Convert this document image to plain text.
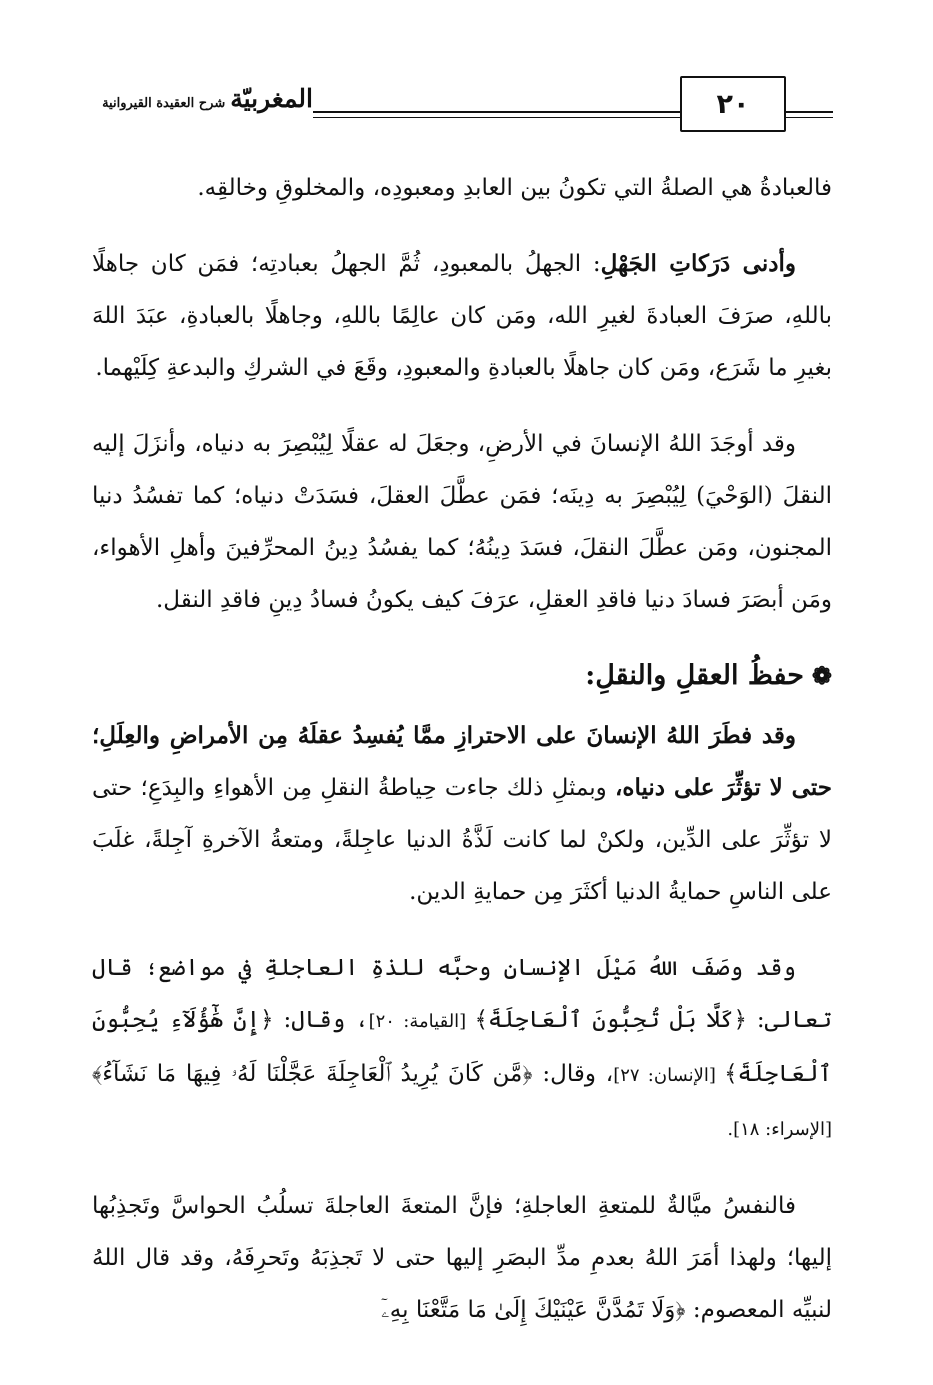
المغربيّة
شرح العقيدة القيروانية	٢٠

فالعبادةُ هي الصلةُ التي تكونُ بين العابدِ ومعبودِه، والمخلوقِ وخالقِه.

وأدنى دَرَكاتِ الجَهْلِ: الجهلُ بالمعبودِ، ثُمَّ الجهلُ بعبادتِه؛ فمَن كان جاهلًا باللهِ، صرَفَ العبادةَ لغيرِ الله، ومَن كان عالِمًا باللهِ، وجاهلًا بالعبادةِ، عبَدَ اللهَ بغيرِ ما شَرَع، ومَن كان جاهلًا بالعبادةِ والمعبودِ، وقَعَ في الشركِ والبدعةِ كِلَيْهما.

وقد أوجَدَ اللهُ الإنسانَ في الأرضِ، وجعَلَ له عقلًا لِيُبْصِرَ به دنياه، وأنزَلَ إليه النقلَ (الوَحْيَ) لِيُبْصِرَ به دِينَه؛ فمَن عطَّلَ العقلَ، فسَدَتْ دنياه؛ كما تفسُدُ دنيا المجنون، ومَن عطَّلَ النقلَ، فسَدَ دِينُهُ؛ كما يفسُدُ دِينُ المحرِّفينَ وأهلِ الأهواء، ومَن أبصَرَ فسادَ دنيا فاقدِ العقلِ، عرَفَ كيف يكونُ فسادُ دِينِ فاقدِ النقل.

❁حفظُ العقلِ والنقلِ:

وقد فطَرَ اللهُ الإنسانَ على الاحترازِ ممَّا يُفسِدُ عقلَهُ مِن الأمراضِ والعِلَلِ؛ حتى لا تؤثِّرَ على دنياه، وبمثلِ ذلك جاءت حِياطةُ النقلِ مِن الأهواءِ والبِدَعِ؛ حتى لا تؤثِّرَ على الدِّين، ولكنْ لما كانت لَذَّةُ الدنيا عاجِلةً، ومتعةُ الآخرةِ آجِلةً، غلَبَ على الناسِ حمايةُ الدنيا أكثَرَ مِن حمايةِ الدين.

وقد وصَفَ اللهُ مَيْلَ الإنسانِ وحبَّه للذةِ العاجلةِ في مواضع؛ قال تعالى: ﴿كَلَّا بَلْ تُحِبُّونَ ٱلْعَاجِلَةَ﴾ [القيامة: ٢٠]، وقال: ﴿إِنَّ هَٰٓؤُلَآءِ يُحِبُّونَ ٱلْعَاجِلَةَ﴾ [الإنسان: ٢٧]، وقال: ﴿مَّن كَانَ يُرِيدُ ٱلْعَاجِلَةَ عَجَّلْنَا لَهُۥ فِيهَا مَا نَشَآءُ﴾ [الإسراء: ١٨].

فالنفسُ ميَّالةٌ للمتعةِ العاجلةِ؛ فإنَّ المتعةَ العاجلةَ تسلُبُ الحواسَّ وتَجذِبُها إليها؛ ولهذا أمَرَ اللهُ بعدمِ مدِّ البصَرِ إليها حتى لا تَجذِبَهُ وتَحرِفَهُ، وقد قال اللهُ لنبيِّه المعصوم: ﴿وَلَا تَمُدَّنَّ عَيْنَيْكَ إِلَىٰ مَا مَتَّعْنَا بِهِۦٓ
